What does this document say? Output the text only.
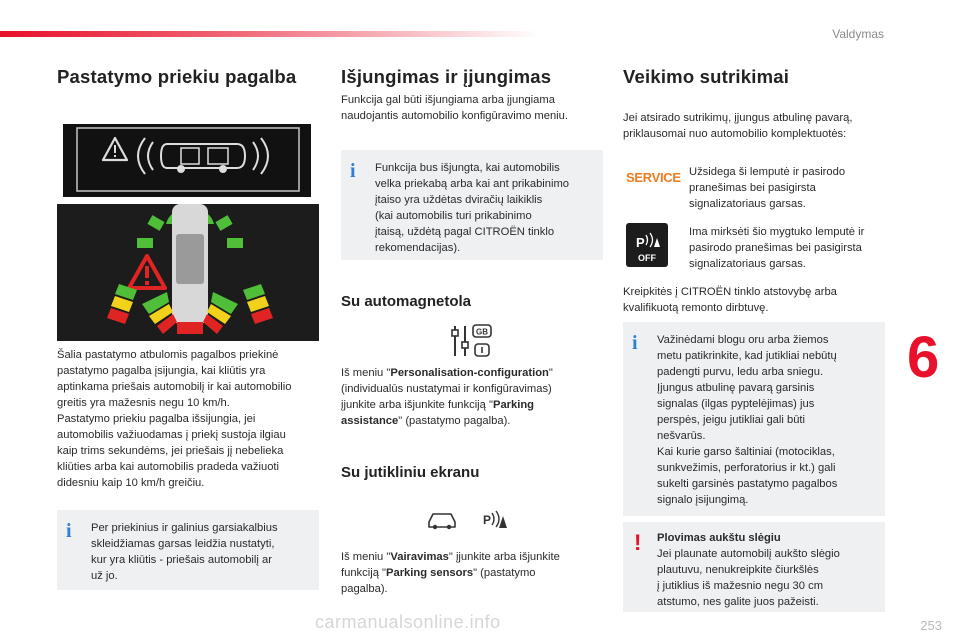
Valdymas
Pastatymo priekiu pagalba

Šalia pastatymo atbulomis pagalbos priekinė

pastatymo pagalba įsijungia, kai kliūtis yra

aptinkama priešais automobilį ir kai automobilio

greitis yra mažesnis negu 10 km/h.

Pastatymo priekiu pagalba išsijungia, jei

automobilis važiuodamas į priekį sustoja ilgiau

kaip trims sekundėms, jei priešais jį nebelieka

kliūties arba kai automobilis pradeda važiuoti

didesniu kaip 10 km/h greičiu.

i	Per priekinius ir galinius garsiakalbius

skleidžiamas garsas leidžia nustatyti,

kur yra kliūtis - priešais automobilį ar

už jo.

Išjungimas ir įjungimas

Funkcija gal būti išjungiama arba įjungiama

naudojantis automobilio konfigūravimo meniu.

i	Funkcija bus išjungta, kai automobilis

velka priekabą arba kai ant prikabinimo

įtaiso yra uždėtas dviračių laikiklis

(kai automobilis turi prikabinimo

įtaisą, uždėtą pagal CITROËN tinklo

rekomendacijas).

Su automagnetola
GB

Iš meniu "Personalisation-configuration"

(individualūs nustatymai ir konfigūravimas)

įjunkite arba išjunkite funkciją "Parking

assistance" (pastatymo pagalba).

Su jutikliniu ekranu
P

Iš meniu "Vairavimas" įjunkite arba išjunkite

funkciją "Parking sensors" (pastatymo

pagalba).

Veikimo sutrikimai

Jei atsirado sutrikimų, įjungus atbulinę pavarą,

priklausomai nuo automobilio komplektuotės:

SERVICE Užsidega ši lemputė ir pasirodo

pranešimas bei pasigirsta

signalizatoriaus garsas.

P
OFF

Ima mirksėti šio mygtuko lemputė ir

pasirodo pranešimas bei pasigirsta

signalizatoriaus garsas.

Kreipkitės į CITROËN tinklo atstovybę arba

kvalifikuotą remonto dirbtuvę.

i	Važinėdami blogu oru arba žiemos

metu patikrinkite, kad jutikliai nebūtų

padengti purvu, ledu arba sniegu.

Įjungus atbulinę pavarą garsinis

signalas (ilgas pyptelėjimas) jus

perspės, jeigu jutikliai gali būti

nešvarūs.

Kai kurie garso šaltiniai (motociklas,

sunkvežimis, perforatorius ir kt.) gali

sukelti garsinės pastatymo pagalbos

signalo įsijungimą.

! Plovimas aukštu slėgiu

Jei plaunate automobilį aukšto slėgio

plautuvu, nenukreipkite čiurkšlės

į jutiklius iš mažesnio negu 30 cm

atstumo, nes galite juos pažeisti.

6
carmanualsonline.info	253
